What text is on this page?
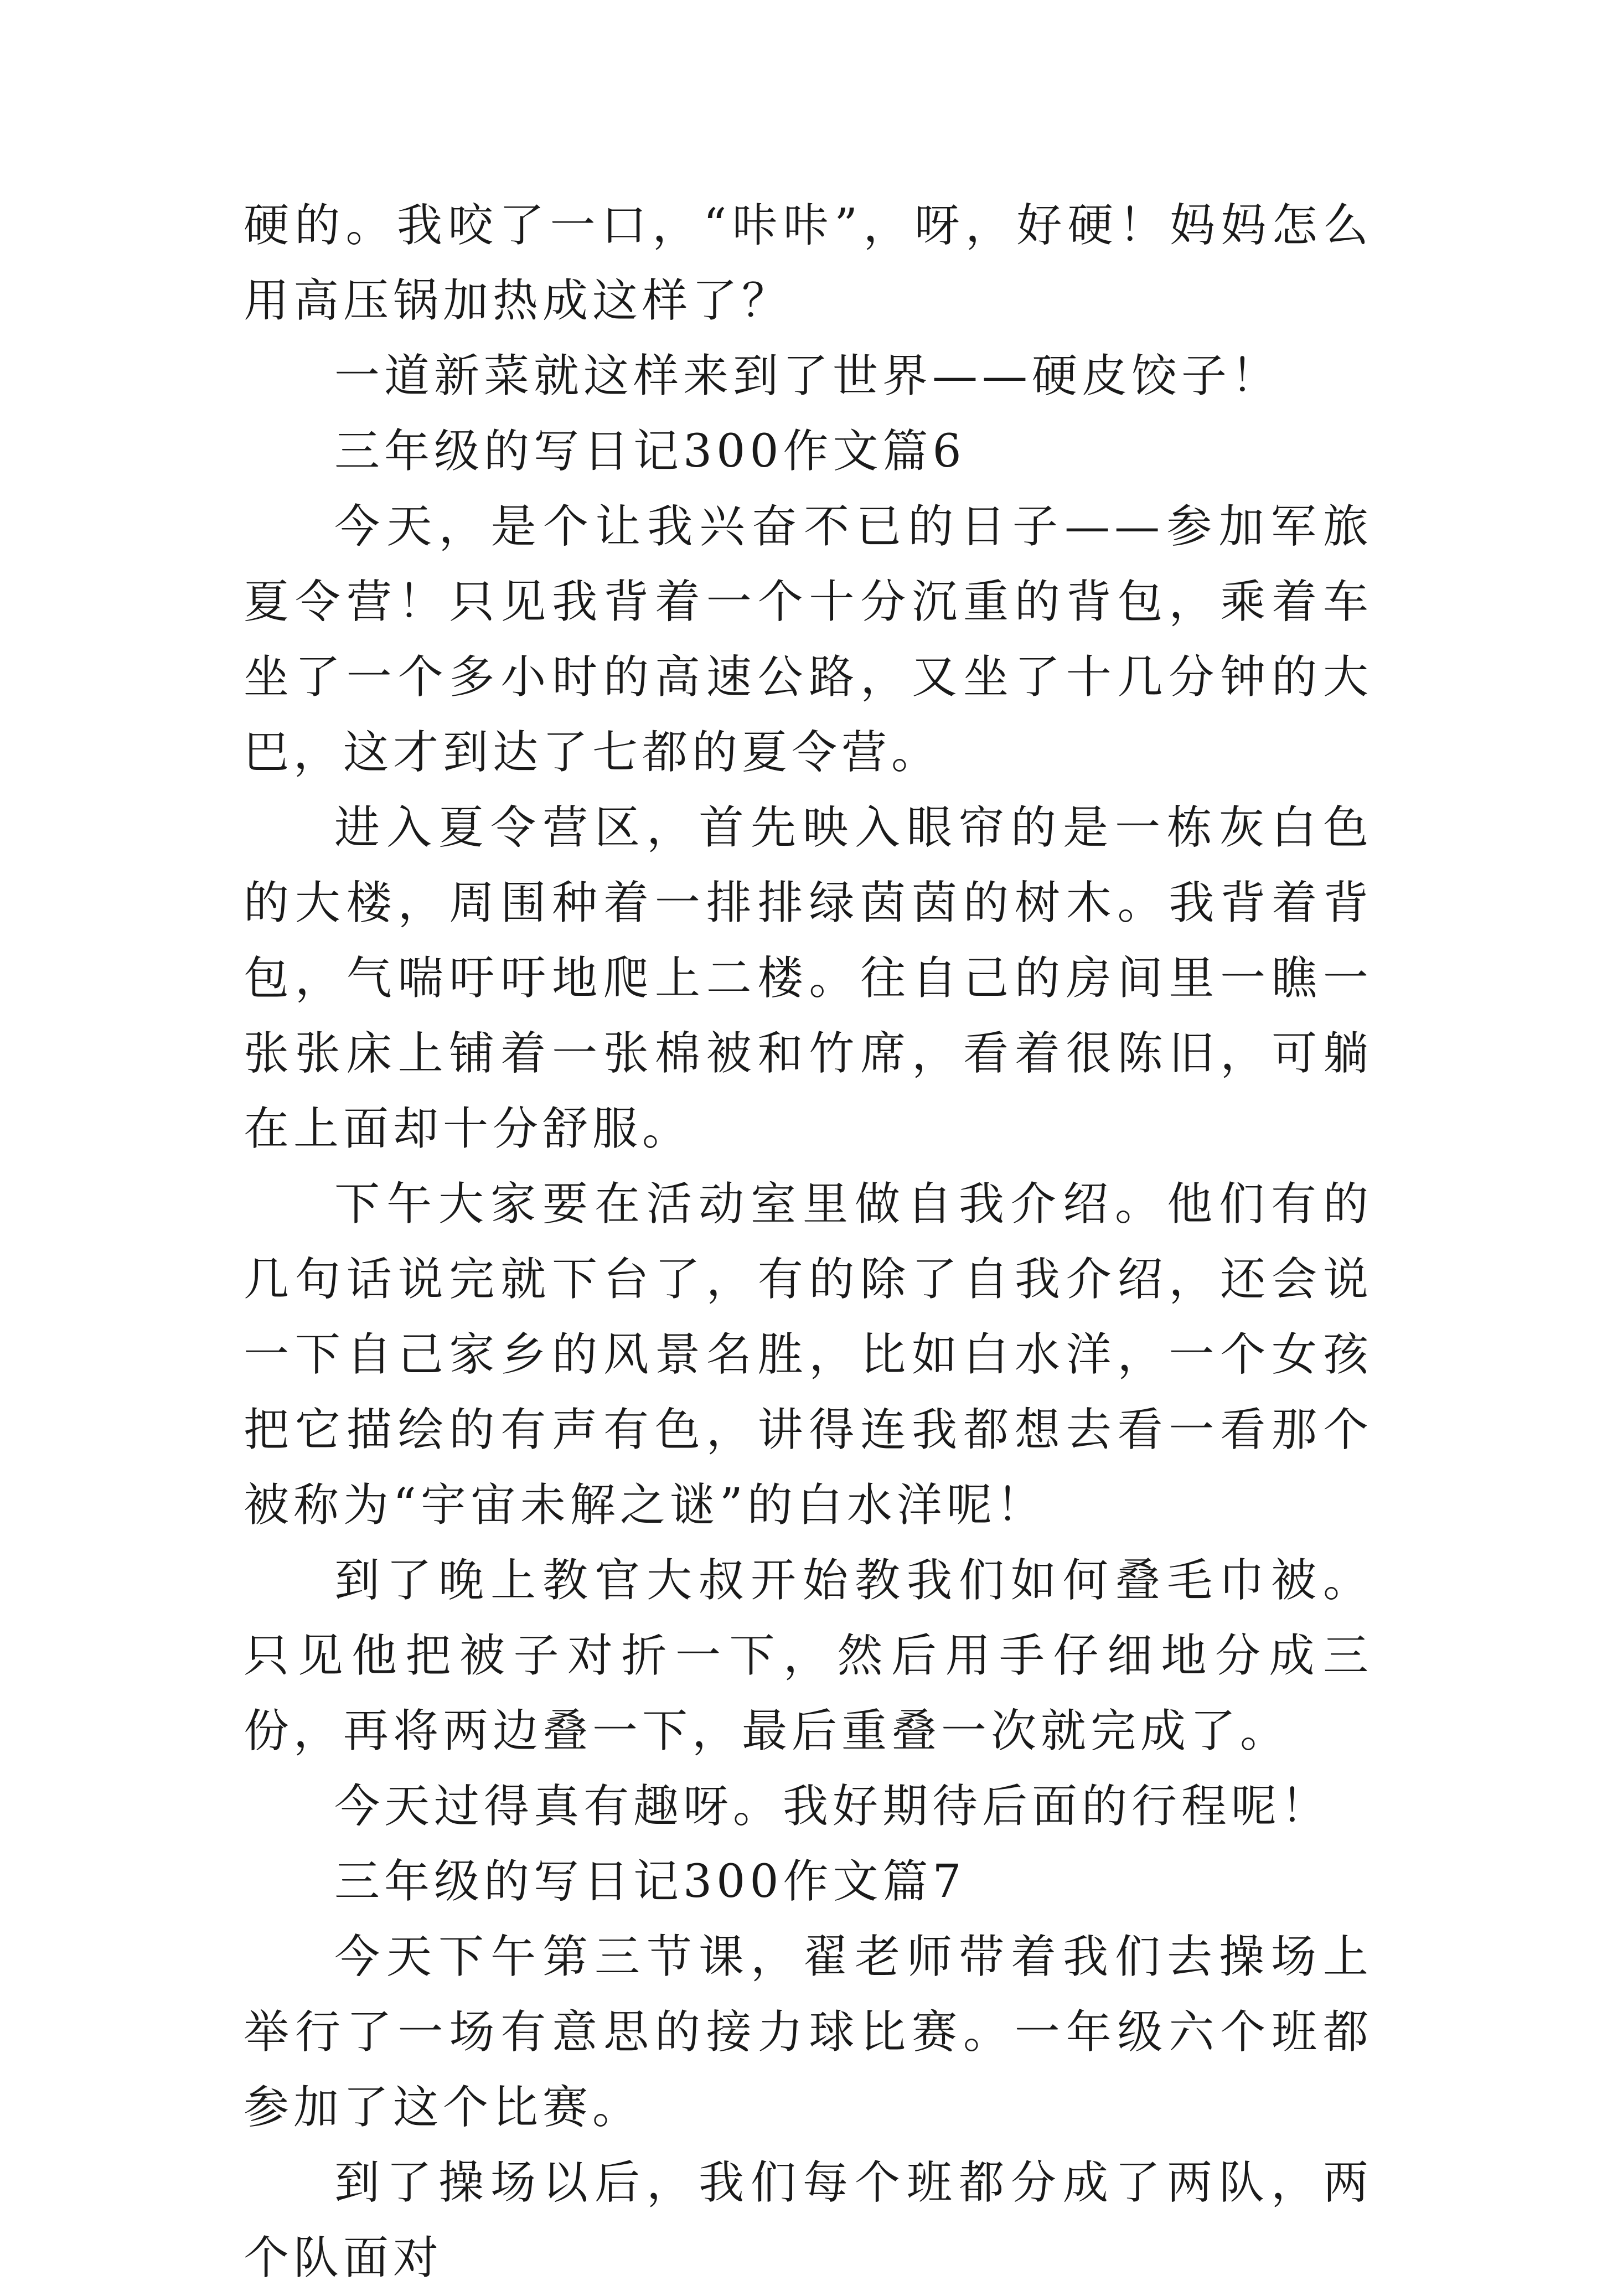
硬的。我咬了一口，“咔咔”，呀，好硬！妈妈怎么用高压锅加热成这样了？

一道新菜就这样来到了世界——硬皮饺子！

三年级的写日记300作文篇6

今天，是个让我兴奋不已的日子——参加军旅夏令营！只见我背着一个十分沉重的背包，乘着车坐了一个多小时的高速公路，又坐了十几分钟的大巴，这才到达了七都的夏令营。

进入夏令营区，首先映入眼帘的是一栋灰白色的大楼，周围种着一排排绿茵茵的树木。我背着背包，气喘吁吁地爬上二楼。往自己的房间里一瞧一张张床上铺着一张棉被和竹席，看着很陈旧，可躺在上面却十分舒服。

下午大家要在活动室里做自我介绍。他们有的几句话说完就下台了，有的除了自我介绍，还会说一下自己家乡的风景名胜，比如白水洋，一个女孩把它描绘的有声有色，讲得连我都想去看一看那个被称为“宇宙未解之谜”的白水洋呢！

到了晚上教官大叔开始教我们如何叠毛巾被。只见他把被子对折一下，然后用手仔细地分成三份，再将两边叠一下，最后重叠一次就完成了。

今天过得真有趣呀。我好期待后面的行程呢！

三年级的写日记300作文篇7

今天下午第三节课，翟老师带着我们去操场上举行了一场有意思的接力球比赛。一年级六个班都参加了这个比赛。

到了操场以后，我们每个班都分成了两队，两个队面对
